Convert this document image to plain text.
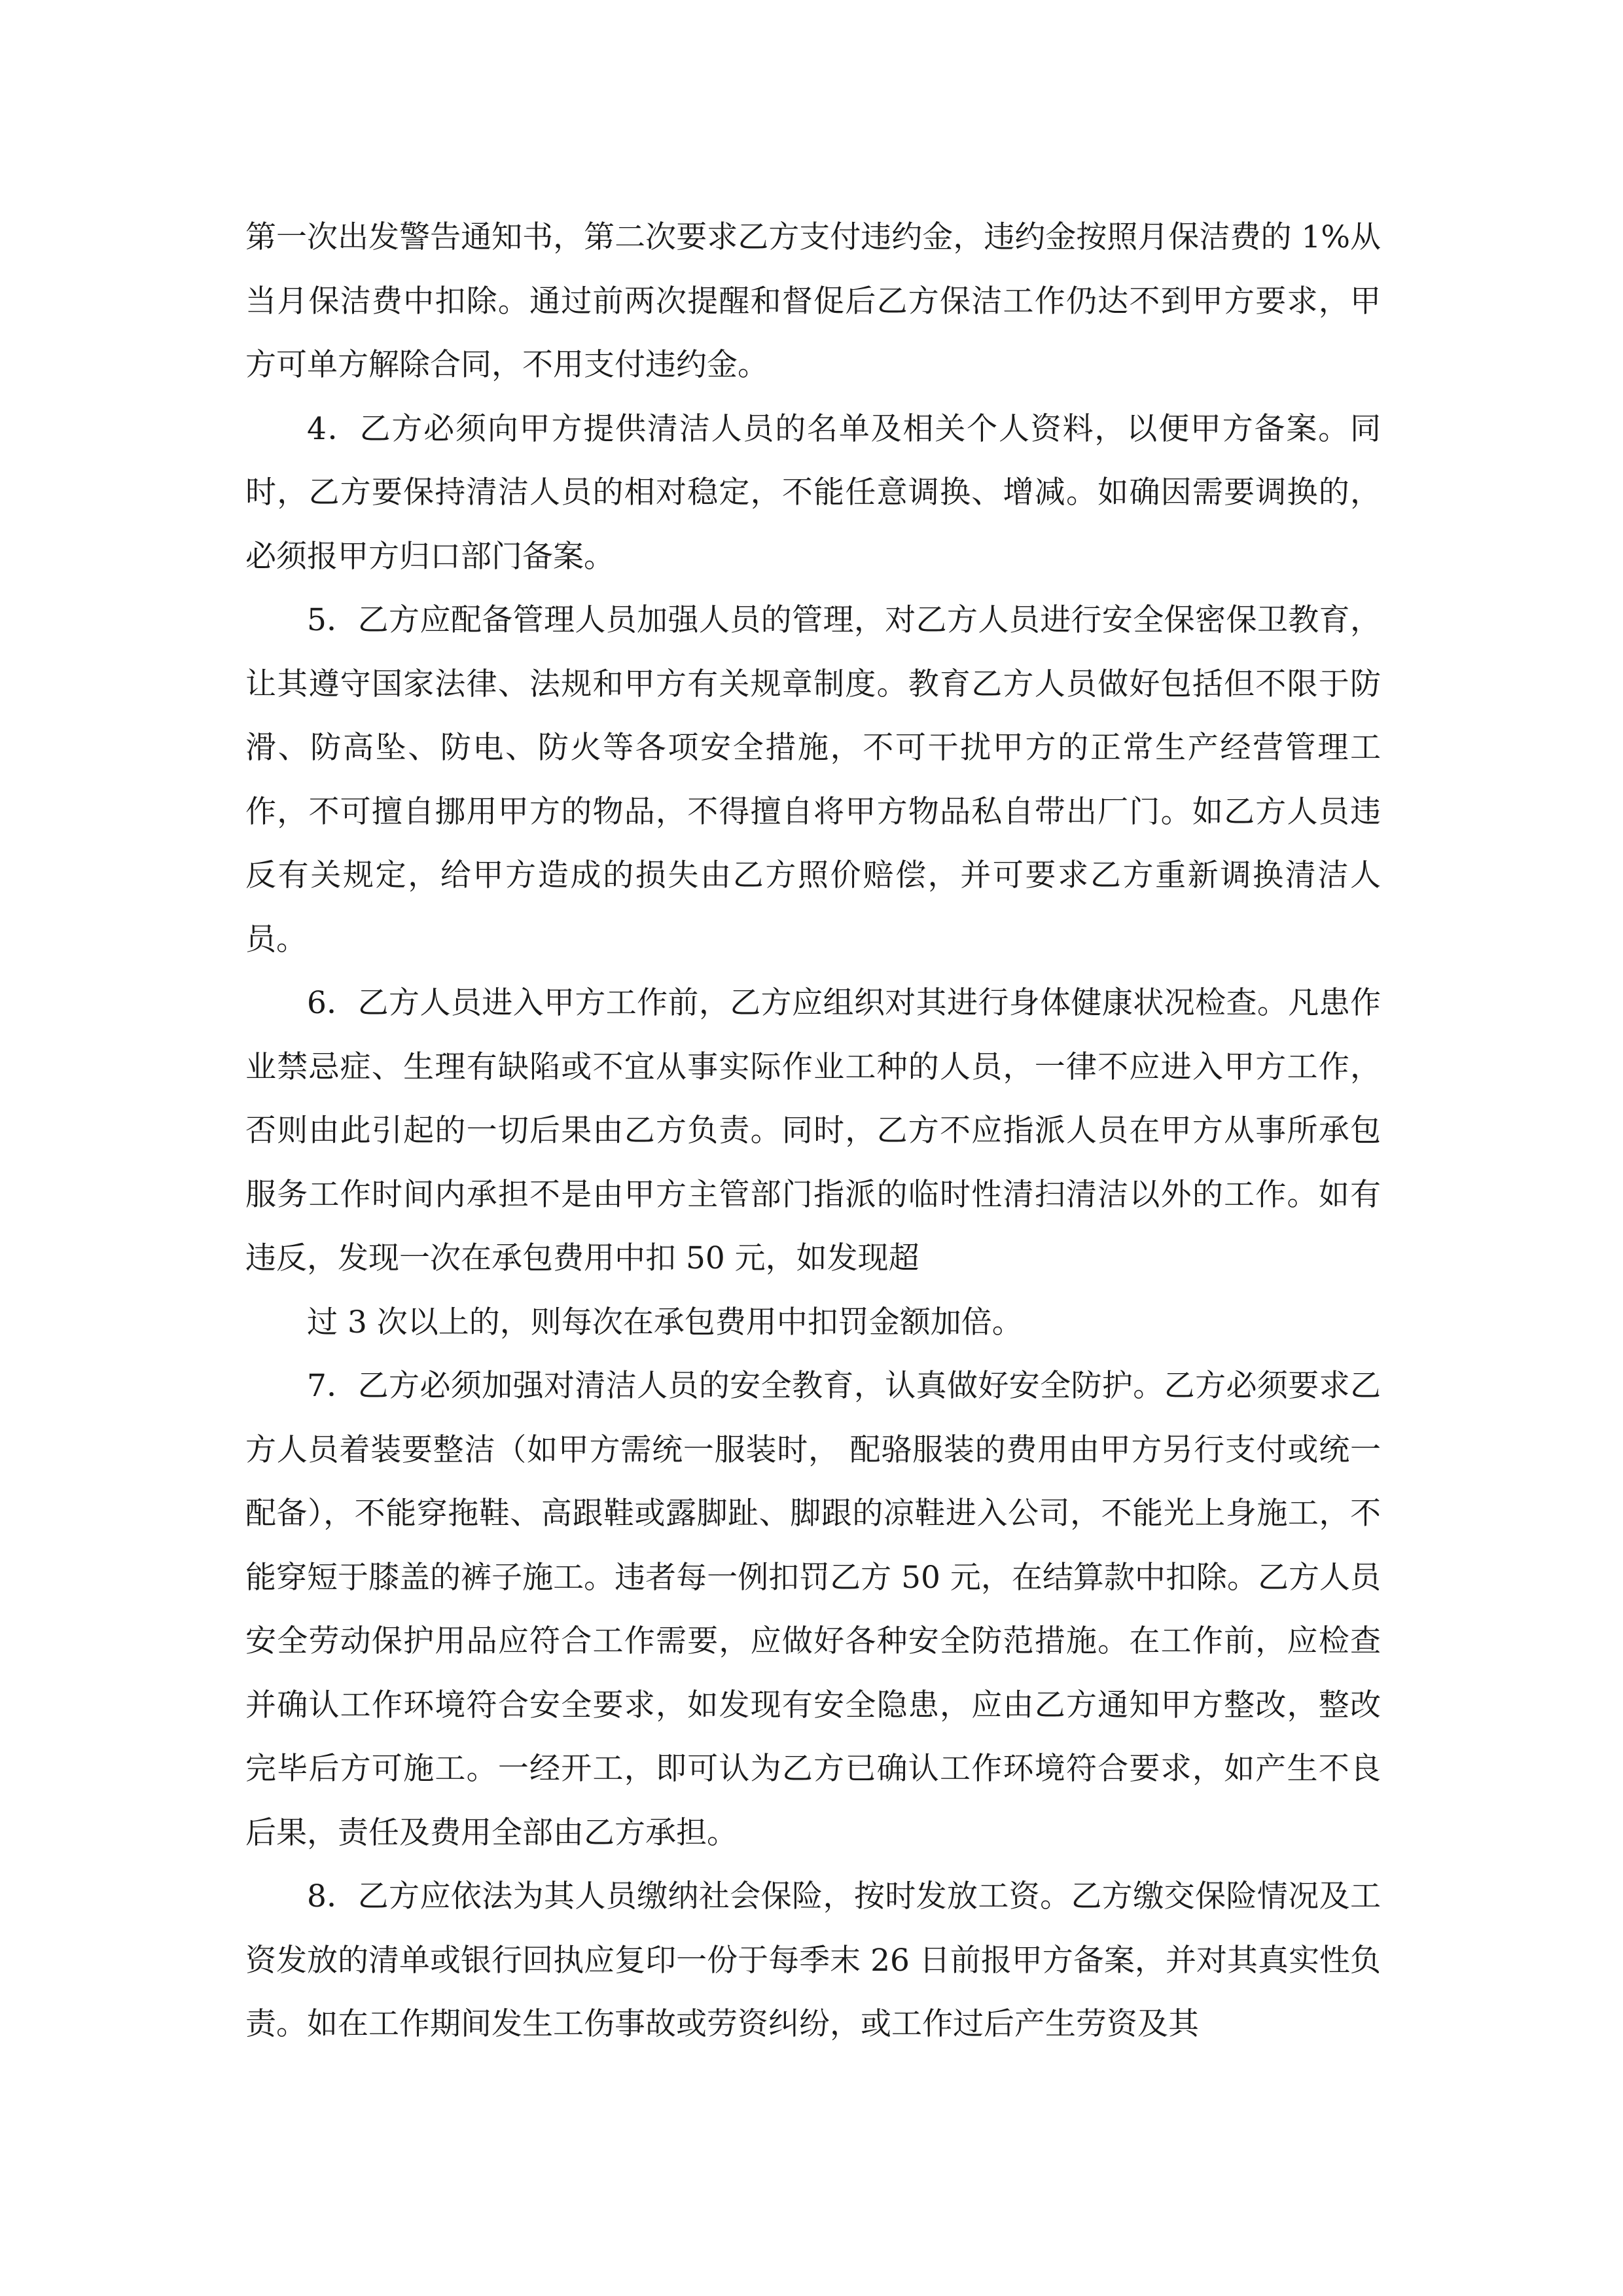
第一次出发警告通知书，第二次要求乙方支付违约金，违约金按照月保洁费的 1%从当月保洁费中扣除。通过前两次提醒和督促后乙方保洁工作仍达不到甲方要求，甲方可单方解除合同，不用支付违约金。

4．乙方必须向甲方提供清洁人员的名单及相关个人资料，以便甲方备案。同时，乙方要保持清洁人员的相对稳定，不能任意调换、增减。如确因需要调换的，必须报甲方归口部门备案。

5．乙方应配备管理人员加强人员的管理，对乙方人员进行安全保密保卫教育，让其遵守国家法律、法规和甲方有关规章制度。教育乙方人员做好包括但不限于防滑、防高坠、防电、防火等各项安全措施，不可干扰甲方的正常生产经营管理工作，不可擅自挪用甲方的物品，不得擅自将甲方物品私自带出厂门。如乙方人员违反有关规定，给甲方造成的损失由乙方照价赔偿，并可要求乙方重新调换清洁人员。

6．乙方人员进入甲方工作前，乙方应组织对其进行身体健康状况检查。凡患作业禁忌症、生理有缺陷或不宜从事实际作业工种的人员，一律不应进入甲方工作，否则由此引起的一切后果由乙方负责。同时，乙方不应指派人员在甲方从事所承包服务工作时间内承担不是由甲方主管部门指派的临时性清扫清洁以外的工作。如有违反，发现一次在承包费用中扣 50 元，如发现超

过 3 次以上的，则每次在承包费用中扣罚金额加倍。

7．乙方必须加强对清洁人员的安全教育，认真做好安全防护。乙方必须要求乙方人员着装要整洁（如甲方需统一服装时， 配骆服装的费用由甲方另行支付或统一配备），不能穿拖鞋、高跟鞋或露脚趾、脚跟的凉鞋进入公司，不能光上身施工，不能穿短于膝盖的裤子施工。违者每一例扣罚乙方 50 元，在结算款中扣除。乙方人员安全劳动保护用品应符合工作需要，应做好各种安全防范措施。在工作前，应检查并确认工作环境符合安全要求，如发现有安全隐患，应由乙方通知甲方整改，整改完毕后方可施工。一经开工，即可认为乙方已确认工作环境符合要求，如产生不良后果，责任及费用全部由乙方承担。

8．乙方应依法为其人员缴纳社会保险，按时发放工资。乙方缴交保险情况及工资发放的清单或银行回执应复印一份于每季末 26 日前报甲方备案，并对其真实性负责。如在工作期间发生工伤事故或劳资纠纷，或工作过后产生劳资及其
